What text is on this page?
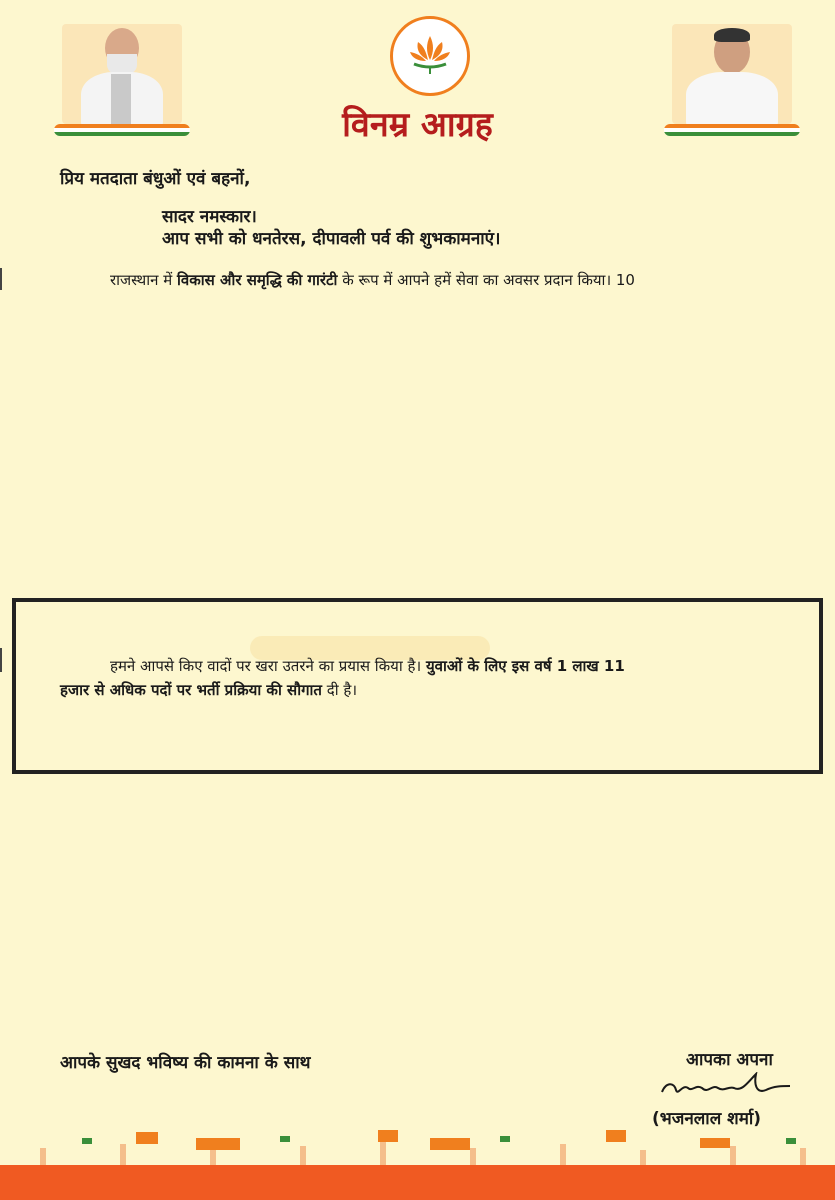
विनम्र आग्रह
प्रिय मतदाता बंधुओं एवं बहनों,
सादर नमस्कार।
आप सभी को धनतेरस, दीपावली पर्व की शुभकामनाएं।
राजस्थान में विकास और समृद्धि की गारंटी के रूप में आपने हमें सेवा का अवसर प्रदान किया। 10
हमने आपसे किए वादों पर खरा उतरने का प्रयास किया है। युवाओं के लिए इस वर्ष 1 लाख 11
हजार से अधिक पदों पर भर्ती प्रक्रिया की सौगात दी है।
आपके सुखद भविष्य की कामना के साथ	आपका अपना
(भजनलाल शर्मा)
